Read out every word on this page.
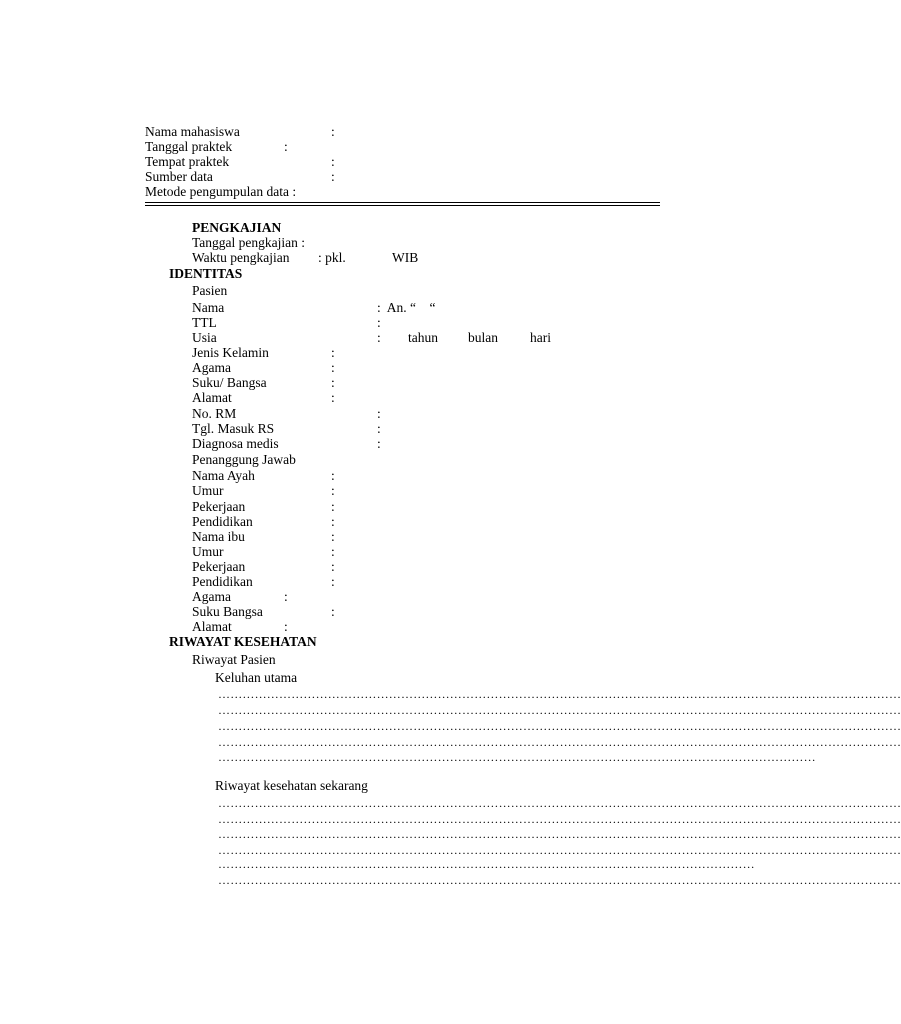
Nama mahasiswa	:
Tanggal praktek	:
Tempat praktek	:
Sumber data	:
Metode pengumpulan data :
PENGKAJIAN
Tanggal pengkajian :
Waktu pengkajian : pkl.	WIB
IDENTITAS
Pasien
Nama	:  An. “    “
TTL	:
Usia	: tahun bulan hari
Jenis Kelamin	:
Agama	:
Suku/ Bangsa	:
Alamat	:
No. RM	:
Tgl. Masuk RS	:
Diagnosa medis	:
Penanggung Jawab
Nama Ayah	:
Umur	:
Pekerjaan	:
Pendidikan	:
Nama ibu	:
Umur	:
Pekerjaan	:
Pendidikan	:
Agama	:
Suku Bangsa	:
Alamat	:
RIWAYAT KESEHATAN
Riwayat Pasien
Keluhan utama
……………………………………………………………………………………………………………………………………………………
……………………………………………………………………………………………………………………………………………………
……………………………………………………………………………………………………………………………………………………
……………………………………………………………………………………………………………………………………………………
…………………………………………………………………………………………………………………………………
Riwayat kesehatan sekarang
……………………………………………………………………………………………………………………………………………………
……………………………………………………………………………………………………………………………………………………
……………………………………………………………………………………………………………………………………………………
……………………………………………………………………………………………………………………………………………………
……………………………………………………………………………………………………………………
……………………………………………………………………………………………………………………………………………………
